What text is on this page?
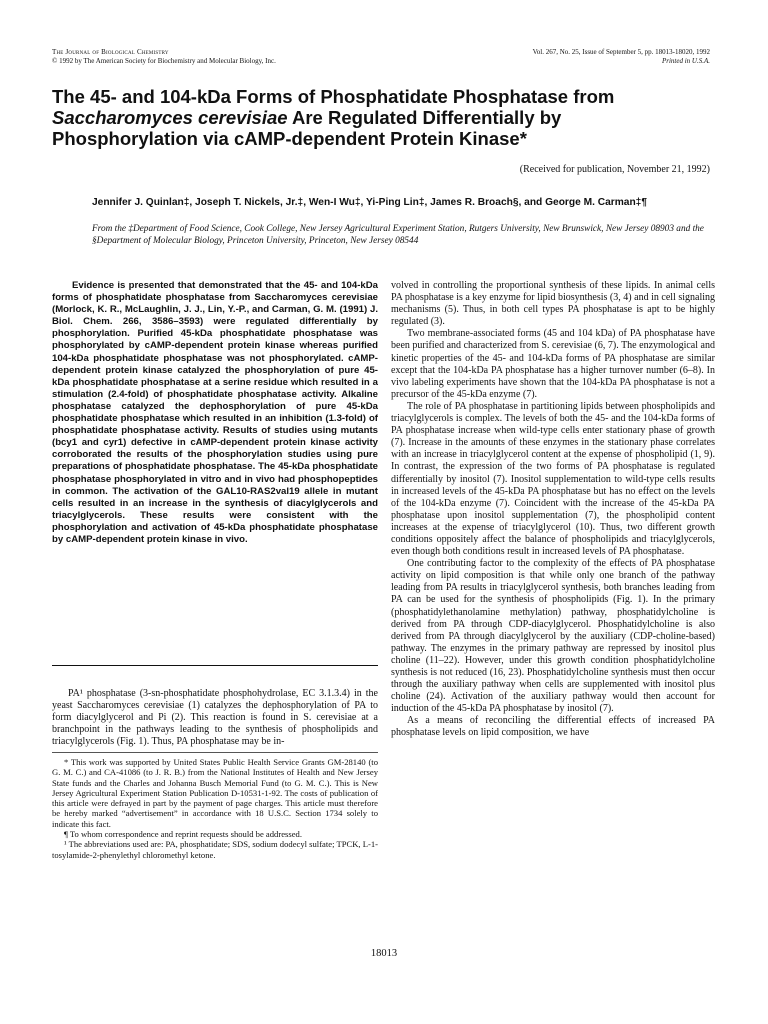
The Journal of Biological Chemistry
© 1992 by The American Society for Biochemistry and Molecular Biology, Inc.
Vol. 267, No. 25, Issue of September 5, pp. 18013-18020, 1992
Printed in U.S.A.
The 45- and 104-kDa Forms of Phosphatidate Phosphatase from Saccharomyces cerevisiae Are Regulated Differentially by Phosphorylation via cAMP-dependent Protein Kinase*
(Received for publication, November 21, 1992)
Jennifer J. Quinlan‡, Joseph T. Nickels, Jr.‡, Wen-I Wu‡, Yi-Ping Lin‡, James R. Broach§, and George M. Carman‡¶
From the ‡Department of Food Science, Cook College, New Jersey Agricultural Experiment Station, Rutgers University, New Brunswick, New Jersey 08903 and the §Department of Molecular Biology, Princeton University, Princeton, New Jersey 08544

Evidence is presented that demonstrated that the 45- and 104-kDa forms of phosphatidate phosphatase from Saccharomyces cerevisiae (Morlock, K. R., McLaughlin, J. J., Lin, Y.-P., and Carman, G. M. (1991) J. Biol. Chem. 266, 3586–3593) were regulated differentially by phosphorylation. Purified 45-kDa phosphatidate phosphatase was phosphorylated by cAMP-dependent protein kinase whereas purified 104-kDa phosphatidate phosphatase was not phosphorylated. cAMP-dependent protein kinase catalyzed the phosphorylation of pure 45-kDa phosphatidate phosphatase at a serine residue which resulted in a stimulation (2.4-fold) of phosphatidate phosphatase activity. Alkaline phosphatase catalyzed the dephosphorylation of pure 45-kDa phosphatidate phosphatase which resulted in an inhibition (1.3-fold) of phosphatidate phosphatase activity. Results of studies using mutants (bcy1 and cyr1) defective in cAMP-dependent protein kinase activity corroborated the results of the phosphorylation studies using pure preparations of phosphatidate phosphatase. The 45-kDa phosphatidate phosphatase phosphorylated in vitro and in vivo had phosphopeptides in common. The activation of the GAL10-RAS2val19 allele in mutant cells resulted in an increase in the synthesis of diacylglycerols and triacylglycerols. These results were consistent with the phosphorylation and activation of 45-kDa phosphatidate phosphatase by cAMP-dependent protein kinase in vivo.

PA¹ phosphatase (3-sn-phosphatidate phosphohydrolase, EC 3.1.3.4) in the yeast Saccharomyces cerevisiae (1) catalyzes the dephosphorylation of PA to form diacylglycerol and Pi (2). This reaction is found in S. cerevisiae at a branchpoint in the pathways leading to the synthesis of phospholipids and triacylglycerols (Fig. 1). Thus, PA phosphatase may be in-

* This work was supported by United States Public Health Service Grants GM-28140 (to G. M. C.) and CA-41086 (to J. R. B.) from the National Institutes of Health and New Jersey State funds and the Charles and Johanna Busch Memorial Fund (to G. M. C.). This is New Jersey Agricultural Experiment Station Publication D-10531-1-92. The costs of publication of this article were defrayed in part by the payment of page charges. This article must therefore be hereby marked “advertisement” in accordance with 18 U.S.C. Section 1734 solely to indicate this fact.

¶ To whom correspondence and reprint requests should be addressed.

¹ The abbreviations used are: PA, phosphatidate; SDS, sodium dodecyl sulfate; TPCK, L-1-tosylamide-2-phenylethyl chloromethyl ketone.

volved in controlling the proportional synthesis of these lipids. In animal cells PA phosphatase is a key enzyme for lipid biosynthesis (3, 4) and in cell signaling mechanisms (5). Thus, in both cell types PA phosphatase is apt to be highly regulated (3).

Two membrane-associated forms (45 and 104 kDa) of PA phosphatase have been purified and characterized from S. cerevisiae (6, 7). The enzymological and kinetic properties of the 45- and 104-kDa forms of PA phosphatase are similar except that the 104-kDa PA phosphatase has a higher turnover number (6–8). In vivo labeling experiments have shown that the 104-kDa PA phosphatase is not a precursor of the 45-kDa enzyme (7).

The role of PA phosphatase in partitioning lipids between phospholipids and triacylglycerols is complex. The levels of both the 45- and the 104-kDa forms of PA phosphatase increase when wild-type cells enter stationary phase of growth (7). Increase in the amounts of these enzymes in the stationary phase correlates with an increase in triacylglycerol content at the expense of phospholipid (1, 9). In contrast, the expression of the two forms of PA phosphatase is regulated differentially by inositol (7). Inositol supplementation to wild-type cells results in increased levels of the 45-kDa PA phosphatase but has no effect on the levels of the 104-kDa enzyme (7). Coincident with the increase of the 45-kDa PA phosphatase upon inositol supplementation (7), the phospholipid content increases at the expense of triacylglycerol (10). Thus, two different growth conditions oppositely affect the balance of phospholipids and triacylglycerols, even though both conditions result in increased levels of PA phosphatase.

One contributing factor to the complexity of the effects of PA phosphatase activity on lipid composition is that while only one branch of the pathway leading from PA results in triacylglycerol synthesis, both branches leading from PA can be used for the synthesis of phospholipids (Fig. 1). In the primary (phosphatidylethanolamine methylation) pathway, phosphatidylcholine is derived from PA through CDP-diacylglycerol. Phosphatidylcholine is also derived from PA through diacylglycerol by the auxiliary (CDP-choline-based) pathway. The enzymes in the primary pathway are repressed by inositol plus choline (11–22). However, under this growth condition phosphatidylcholine synthesis is not reduced (16, 23). Phosphatidylcholine synthesis must then occur through the auxiliary pathway when cells are supplemented with inositol plus choline (24). Activation of the auxiliary pathway would then account for induction of the 45-kDa PA phosphatase by inositol (7).

As a means of reconciling the differential effects of increased PA phosphatase levels on lipid composition, we have

18013
